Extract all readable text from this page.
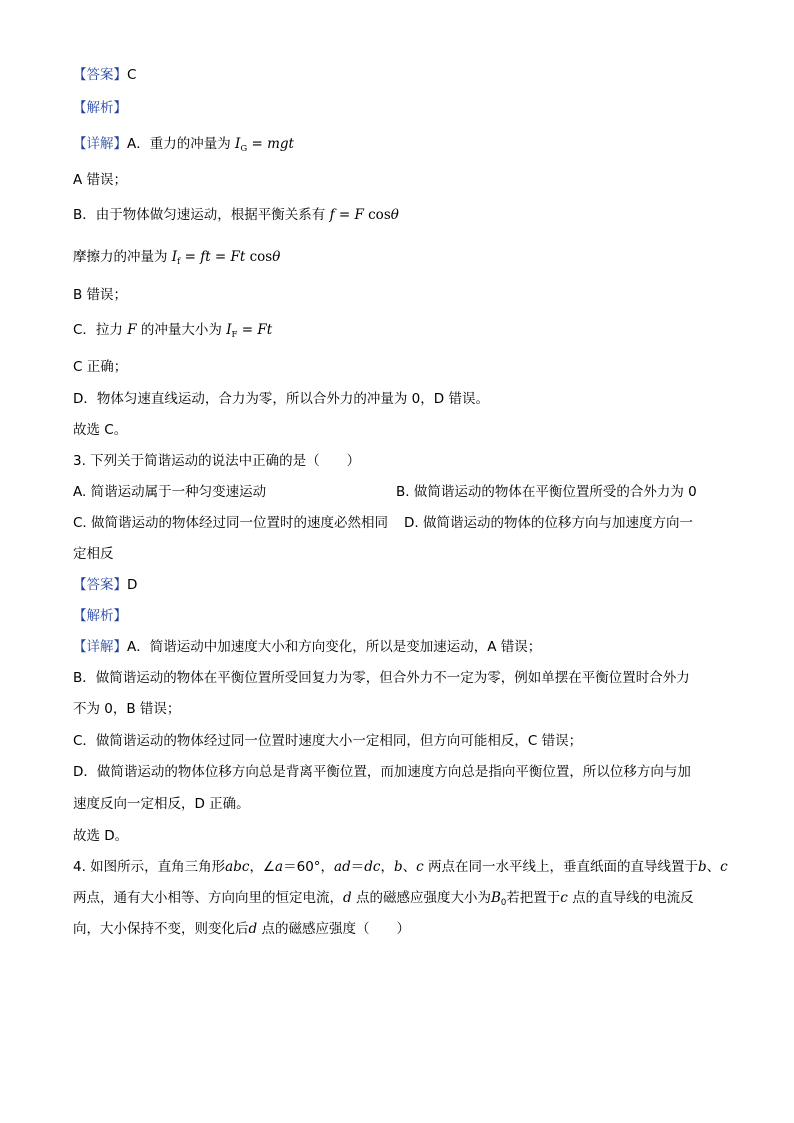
【答案】C
【解析】
【详解】A．重力的冲量为 $I_G$ = mgt
A 错误；
B．由于物体做匀速运动，根据平衡关系有 f = F cosθ
摩擦力的冲量为 $I_f$ = ft = Ft cosθ
B 错误；
C．拉力 F 的冲量大小为 $I_F = Ft$
C 正确；
D．物体匀速直线运动，合力为零，所以合外力的冲量为 0，D 错误。
故选 C。
3. 下列关于简谐运动的说法中正确的是（　　）
A. 简谐运动属于一种匀变速运动	B. 做简谐运动的物体在平衡位置所受的合外力为 0
C. 做简谐运动的物体经过同一位置时的速度必然相同 D. 做简谐运动的物体的位移方向与加速度方向一
定相反
【答案】D
【解析】
【详解】A．简谐运动中加速度大小和方向变化，所以是变加速运动，A 错误；
B．做简谐运动的物体在平衡位置所受回复力为零，但合外力不一定为零，例如单摆在平衡位置时合外力
不为 0，B 错误；
C．做简谐运动的物体经过同一位置时速度大小一定相同，但方向可能相反，C 错误；
D．做简谐运动的物体位移方向总是背离平衡位置，而加速度方向总是指向平衡位置，所以位移方向与加
速度反向一定相反，D 正确。
故选 D。
4. 如图所示，直角三角形abc，∠a＝60°，ad＝dc，b、c 两点在同一水平线上，垂直纸面的直导线置于b、c
两点，通有大小相等、方向向里的恒定电流，d 点的磁感应强度大小为$B_0$若把置于c 点的直导线的电流反
向，大小保持不变，则变化后d 点的磁感应强度（　　）
